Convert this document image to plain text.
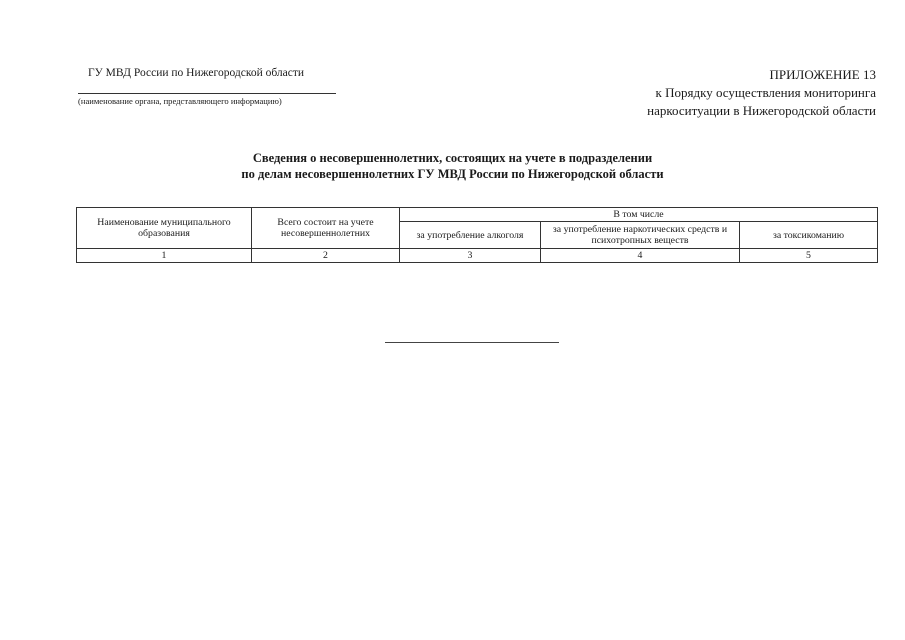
ГУ МВД России по Нижегородской области
(наименование органа, представляющего информацию)
ПРИЛОЖЕНИЕ 13
к Порядку осуществления мониторинга
наркоситуации в Нижегородской области
Сведения о несовершеннолетних, состоящих на учете в подразделении
по делам несовершеннолетних ГУ МВД России по Нижегородской области
Наименование муниципального образования	Всего состоит на учете несовершеннолетних	В том числе		
		за употребление алкоголя	за употребление наркотических средств и психотропных веществ	за токсикоманию
1	2	3	4	5
